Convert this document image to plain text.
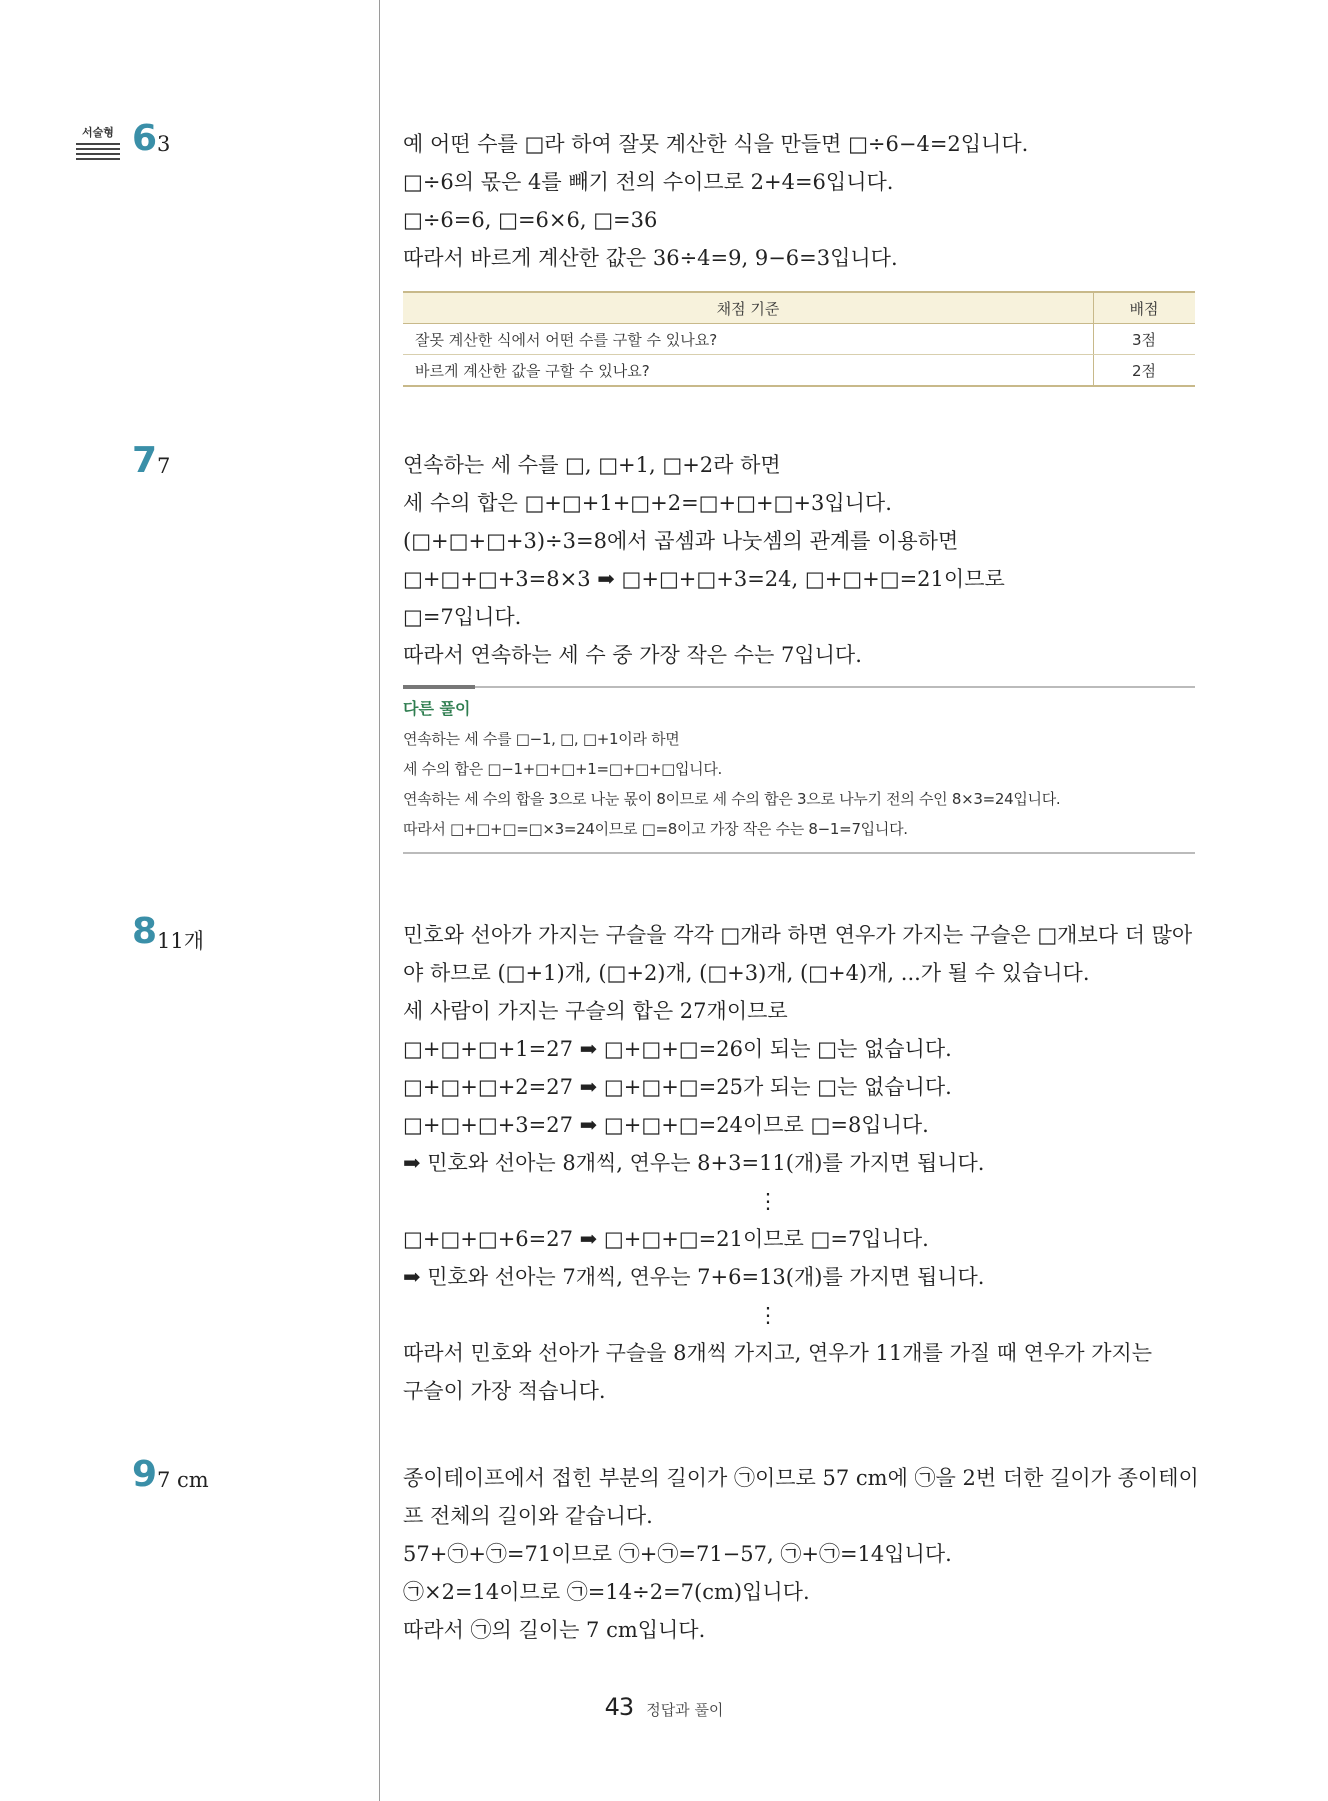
서술형 6 3	예 어떤 수를 □라 하여 잘못 계산한 식을 만들면 □÷6−4=2입니다.
□÷6의 몫은 4를 빼기 전의 수이므로 2+4=6입니다.
□÷6=6, □=6×6, □=36
따라서 바르게 계산한 값은 36÷4=9, 9−6=3입니다.
채점 기준	배점
잘못 계산한 식에서 어떤 수를 구할 수 있나요?	3점
바르게 계산한 값을 구할 수 있나요?	2점
7 7	연속하는 세 수를 □, □+1, □+2라 하면
세 수의 합은 □+□+1+□+2=□+□+□+3입니다.
(□+□+□+3)÷3=8에서 곱셈과 나눗셈의 관계를 이용하면
□+□+□+3=8×3 ➡ □+□+□+3=24, □+□+□=21이므로
□=7입니다.
따라서 연속하는 세 수 중 가장 작은 수는 7입니다.
다른 풀이
연속하는 세 수를 □−1, □, □+1이라 하면
세 수의 합은 □−1+□+□+1=□+□+□입니다.
연속하는 세 수의 합을 3으로 나눈 몫이 8이므로 세 수의 합은 3으로 나누기 전의 수인 8×3=24입니다.
따라서 □+□+□=□×3=24이므로 □=8이고 가장 작은 수는 8−1=7입니다.
8 11개	민호와 선아가 가지는 구슬을 각각 □개라 하면 연우가 가지는 구슬은 □개보다 더 많아
야 하므로 (□+1)개, (□+2)개, (□+3)개, (□+4)개, ...가 될 수 있습니다.
세 사람이 가지는 구슬의 합은 27개이므로
□+□+□+1=27 ➡ □+□+□=26이 되는 □는 없습니다.
□+□+□+2=27 ➡ □+□+□=25가 되는 □는 없습니다.
□+□+□+3=27 ➡ □+□+□=24이므로 □=8입니다.
➡ 민호와 선아는 8개씩, 연우는 8+3=11(개)를 가지면 됩니다.
⋮
□+□+□+6=27 ➡ □+□+□=21이므로 □=7입니다.
➡ 민호와 선아는 7개씩, 연우는 7+6=13(개)를 가지면 됩니다.
⋮
따라서 민호와 선아가 구슬을 8개씩 가지고, 연우가 11개를 가질 때 연우가 가지는
구슬이 가장 적습니다.
9 7 cm	종이테이프에서 접힌 부분의 길이가 ㉠이므로 57 cm에 ㉠을 2번 더한 길이가 종이테이
프 전체의 길이와 같습니다.
57+㉠+㉠=71이므로 ㉠+㉠=71−57, ㉠+㉠=14입니다.
㉠×2=14이므로 ㉠=14÷2=7(cm)입니다.
따라서 ㉠의 길이는 7 cm입니다.
43 정답과 풀이
